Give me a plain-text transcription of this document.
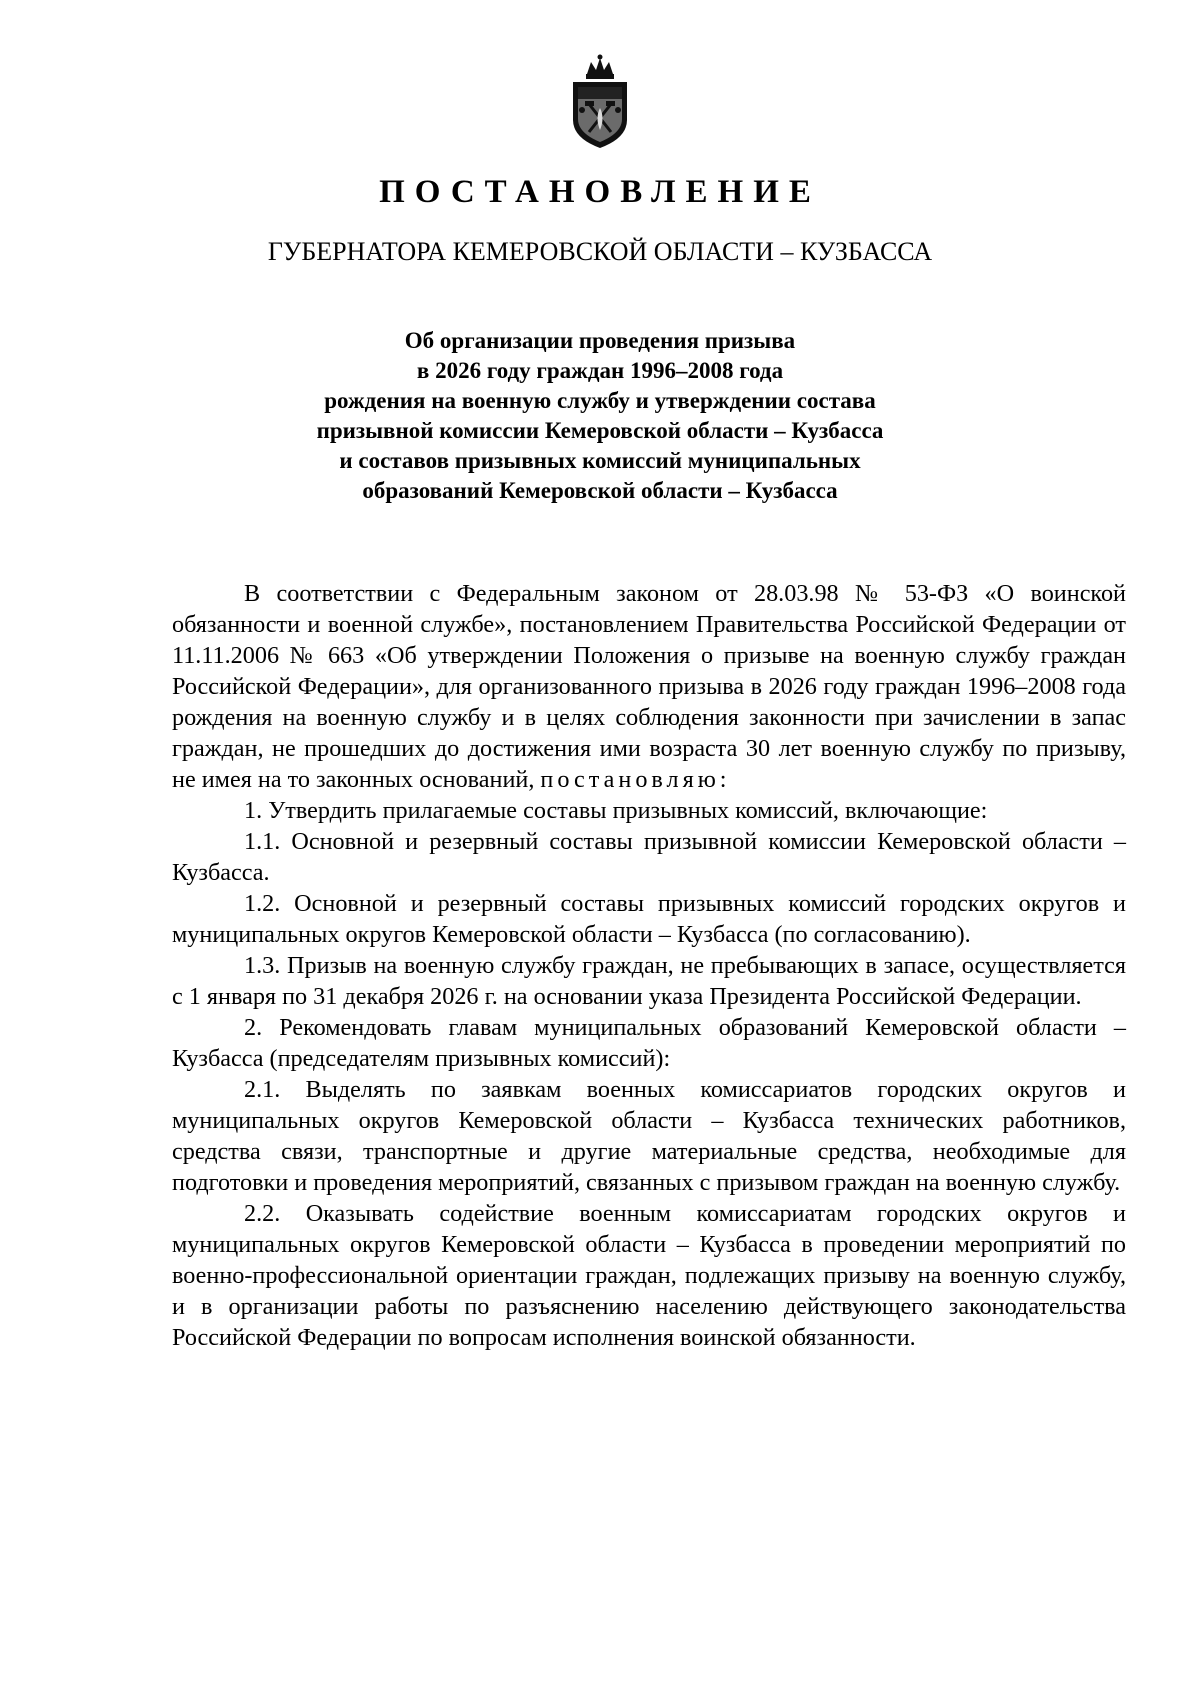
ПОСТАНОВЛЕНИЕ
ГУБЕРНАТОРА КЕМЕРОВСКОЙ ОБЛАСТИ – КУЗБАССА
Об организации проведения призыва
в 2026 году граждан 1996–2008 года
рождения на военную службу и утверждении состава
призывной комиссии Кемеровской области – Кузбасса
и составов призывных комиссий муниципальных
образований Кемеровской области – Кузбасса

В соответствии с Федеральным законом от 28.03.98 № 53-ФЗ «О воинской обязанности и военной службе», постановлением Правительства Российской Федерации от 11.11.2006 № 663 «Об утверждении Положения о призыве на военную службу граждан Российской Федерации», для организованного призыва в 2026 году граждан 1996–2008 года рождения на военную службу и в целях соблюдения законности при зачислении в запас граждан, не прошедших до достижения ими возраста 30 лет военную службу по призыву, не имея на то законных оснований, постановляю:

1. Утвердить прилагаемые составы призывных комиссий, включающие:

1.1. Основной и резервный составы призывной комиссии Кемеровской области – Кузбасса.

1.2. Основной и резервный составы призывных комиссий городских округов и муниципальных округов Кемеровской области – Кузбасса (по согласованию).

1.3. Призыв на военную службу граждан, не пребывающих в запасе, осуществляется с 1 января по 31 декабря 2026 г. на основании указа Президента Российской Федерации.

2. Рекомендовать главам муниципальных образований Кемеровской области – Кузбасса (председателям призывных комиссий):

2.1. Выделять по заявкам военных комиссариатов городских округов и муниципальных округов Кемеровской области – Кузбасса технических работников, средства связи, транспортные и другие материальные средства, необходимые для подготовки и проведения мероприятий, связанных с призывом граждан на военную службу.

2.2. Оказывать содействие военным комиссариатам городских округов и муниципальных округов Кемеровской области – Кузбасса в проведении мероприятий по военно-профессиональной ориентации граждан, подлежащих призыву на военную службу, и в организации работы по разъяснению населению действующего законодательства Российской Федерации по вопросам исполнения воинской обязанности.
